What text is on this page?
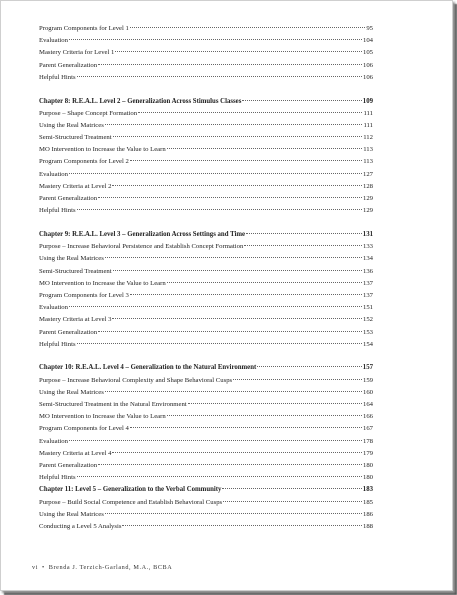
Program Components for Level 1	95
Evaluation	104
Mastery Criteria for Level 1	105
Parent Generalization	106
Helpful Hints	106
Chapter 8: R.E.A.L. Level 2 – Generalization Across Stimulus Classes	109
Purpose – Shape Concept Formation	111
Using the Real Matrices	111
Semi-Structured Treatment	112
MO Intervention to Increase the Value to Learn	113
Program Components for Level 2	113
Evaluation	127
Mastery Criteria at Level 2	128
Parent Generalization	129
Helpful Hints	129
Chapter 9: R.E.A.L. Level 3 – Generalization Across Settings and Time	131
Purpose – Increase Behavioral Persistence and Establish Concept Formation	133
Using the Real Matrices	134
Semi-Structured Treatment	136
MO Intervention to Increase the Value to Learn	137
Program Components for Level 3	137
Evaluation	151
Mastery Criteria at Level 3	152
Parent Generalization	153
Helpful Hints	154
Chapter 10: R.E.A.L. Level 4 – Generalization to the Natural Environment	157
Purpose – Increase Behavioral Complexity and Shape Behavioral Cusps	159
Using the Real Matrices	160
Semi-Structured Treatment in the Natural Environment	164
MO Intervention to Increase the Value to Learn	166
Program Components for Level 4	167
Evaluation	178
Mastery Criteria at Level 4	179
Parent Generalization	180
Helpful Hints	180
Chapter 11: Level 5 – Generalization to the Verbal Community	183
Purpose – Build Social Competence and Establish Behavioral Cusps	185
Using the Real Matrices	186
Conducting a Level 5 Analysis	188
vi • Brenda J. Terzich-Garland, M.A., BCBA
